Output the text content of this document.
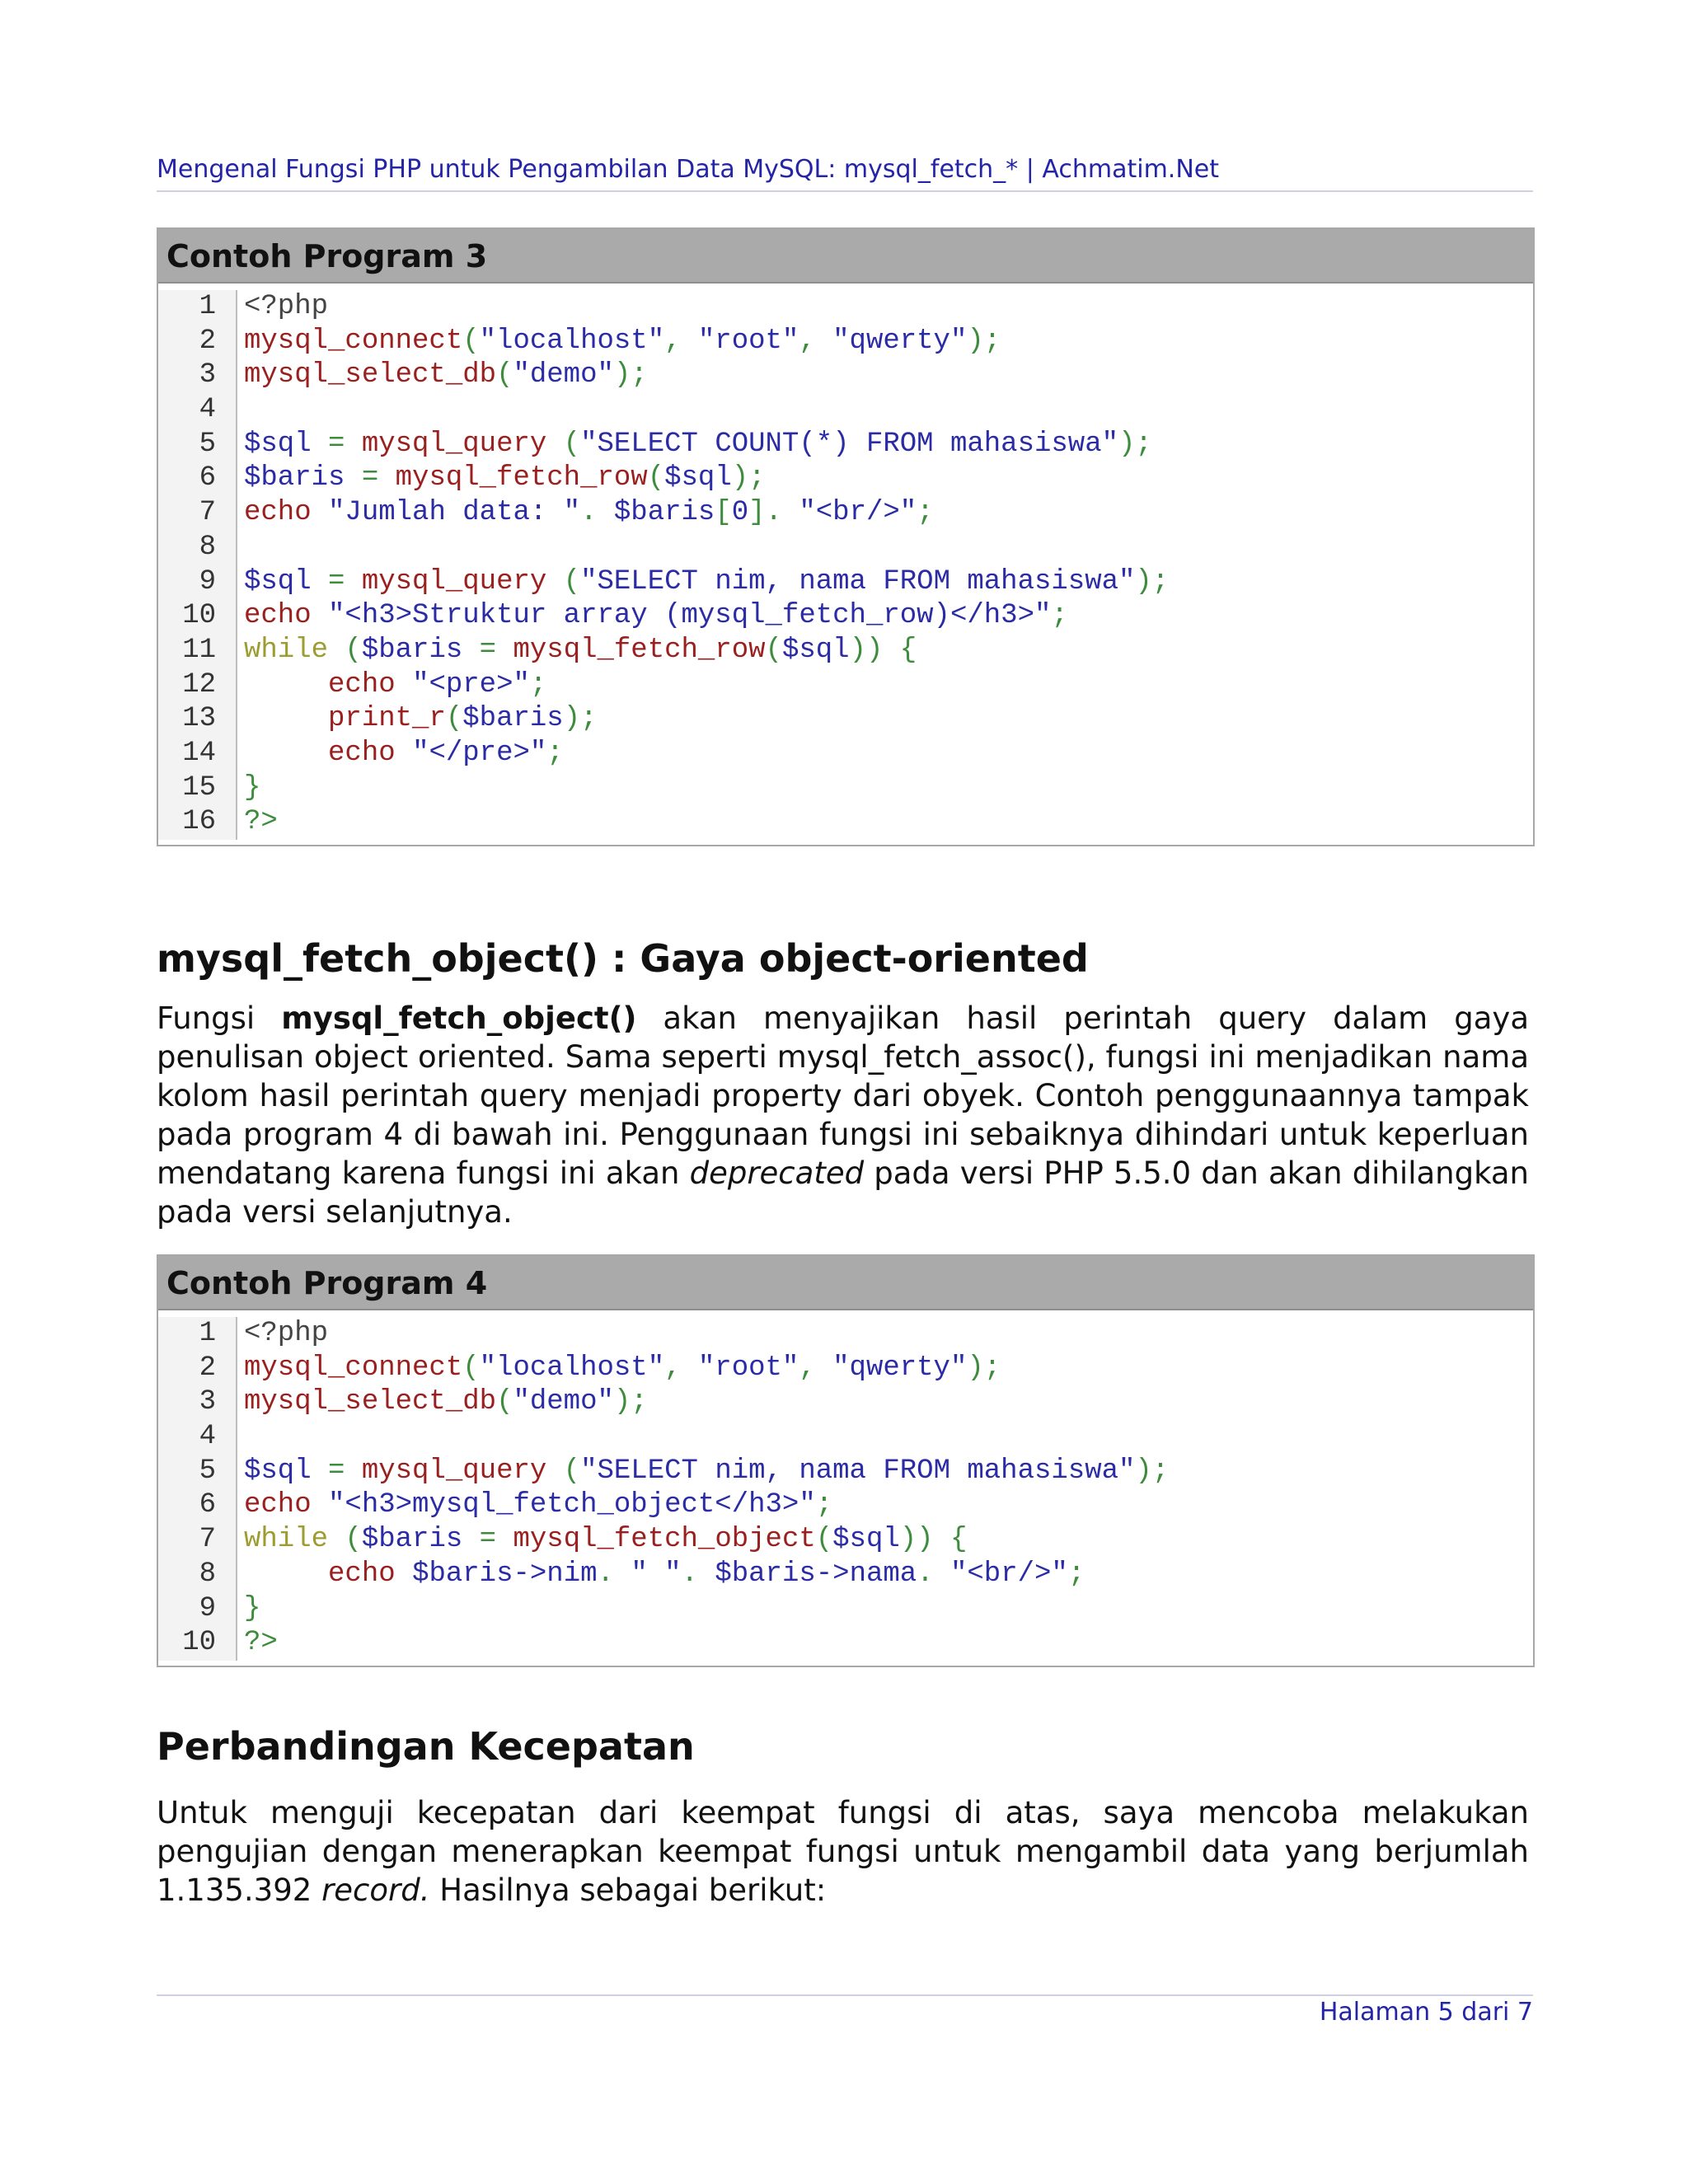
Mengenal Fungsi PHP untuk Pengambilan Data MySQL: mysql_fetch_* | Achmatim.Net
Contoh Program 3
1
2
3
4
5
6
7
8
9
10
11
12
13
14
15
16
<?php
mysql_connect("localhost", "root", "qwerty");
mysql_select_db("demo");

$sql = mysql_query ("SELECT COUNT(*) FROM mahasiswa");
$baris = mysql_fetch_row($sql);
echo "Jumlah data: ". $baris[0]. "<br/>";

$sql = mysql_query ("SELECT nim, nama FROM mahasiswa");
echo "<h3>Struktur array (mysql_fetch_row)</h3>";
while ($baris = mysql_fetch_row($sql)) {
echo "<pre>";
print_r($baris);
echo "</pre>";
}
?>
mysql_fetch_object() : Gaya object-oriented

Fungsi mysql_fetch_object() akan menyajikan hasil perintah query dalam gaya penulisan object oriented. Sama seperti mysql_fetch_assoc(), fungsi ini menjadikan nama kolom hasil perintah query menjadi property dari obyek. Contoh penggunaannya tampak pada program 4 di bawah ini. Penggunaan fungsi ini sebaiknya dihindari untuk keperluan mendatang karena fungsi ini akan deprecated pada versi PHP 5.5.0 dan akan dihilangkan pada versi selanjutnya.

Contoh Program 4
1
2
3
4
5
6
7
8
9
10
<?php
mysql_connect("localhost", "root", "qwerty");
mysql_select_db("demo");

$sql = mysql_query ("SELECT nim, nama FROM mahasiswa");
echo "<h3>mysql_fetch_object</h3>";
while ($baris = mysql_fetch_object($sql)) {
echo $baris->nim. " ". $baris->nama. "<br/>";
}
?>
Perbandingan Kecepatan

Untuk menguji kecepatan dari keempat fungsi di atas, saya mencoba melakukan pengujian dengan menerapkan keempat fungsi untuk mengambil data yang berjumlah 1.135.392 record. Hasilnya sebagai berikut:

Halaman 5 dari 7
